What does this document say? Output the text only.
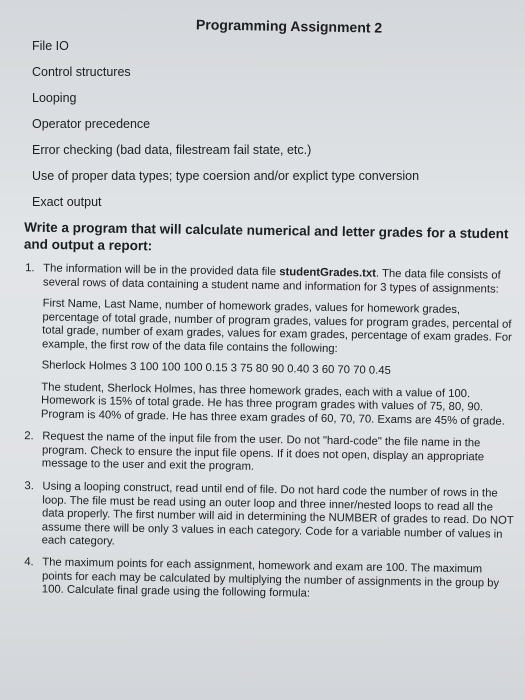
Programming Assignment 2
File IO
Control structures
Looping
Operator precedence
Error checking (bad data, filestream fail state, etc.)
Use of proper data types; type coersion and/or explict type conversion
Exact output
Write a program that will calculate numerical and letter grades for a student and output a report:
1. The information will be in the provided data file studentGrades.txt. The data file consists of several rows of data containing a student name and information for 3 types of assignments:

First Name, Last Name, number of homework grades, values for homework grades, percentage of total grade, number of program grades, values for program grades, percental of total grade, number of exam grades, values for exam grades, percentage of exam grades. For example, the first row of the data file contains the following:

Sherlock Holmes 3 100 100 100 0.15 3 75 80 90 0.40 3 60 70 70 0.45

The student, Sherlock Holmes, has three homework grades, each with a value of 100. Homework is 15% of total grade. He has three program grades with values of 75, 80, 90. Program is 40% of grade. He has three exam grades of 60, 70, 70. Exams are 45% of grade.

2. Request the name of the input file from the user. Do not "hard-code" the file name in the program. Check to ensure the input file opens. If it does not open, display an appropriate message to the user and exit the program.

3. Using a looping construct, read until end of file. Do not hard code the number of rows in the loop. The file must be read using an outer loop and three inner/nested loops to read all the data properly. The first number will aid in determining the NUMBER of grades to read. Do NOT assume there will be only 3 values in each category. Code for a variable number of values in each category.

4. The maximum points for each assignment, homework and exam are 100. The maximum points for each may be calculated by multiplying the number of assignments in the group by 100. Calculate final grade using the following formula:
